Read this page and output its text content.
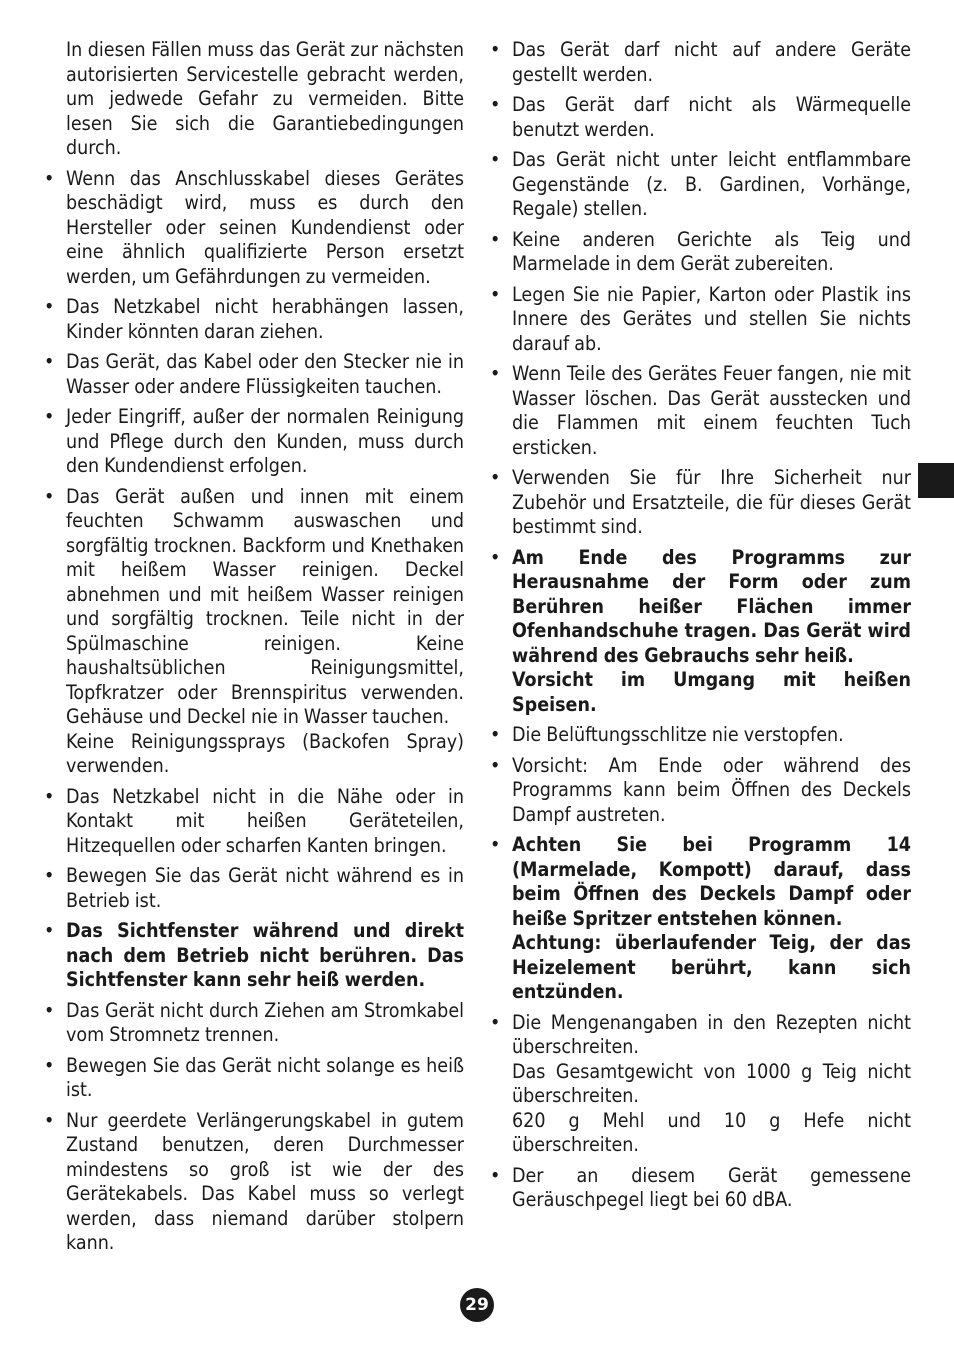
In diesen Fällen muss das Gerät zur nächsten autorisierten Servicestelle gebracht werden, um jedwede Gefahr zu vermeiden. Bitte lesen Sie sich die Garantiebedingungen durch.
• Wenn das Anschlusskabel dieses Gerätes beschädigt wird, muss es durch den Hersteller oder seinen Kundendienst oder eine ähnlich qualifizierte Person ersetzt werden, um Gefährdungen zu vermeiden.
• Das Netzkabel nicht herabhängen lassen, Kinder könnten daran ziehen.
• Das Gerät, das Kabel oder den Stecker nie in Wasser oder andere Flüssigkeiten tauchen.
• Jeder Eingriff, außer der normalen Reinigung und Pflege durch den Kunden, muss durch den Kundendienst erfolgen.
• Das Gerät außen und innen mit einem feuchten Schwamm auswaschen und sorgfältig trocknen. Backform und Knethaken mit heißem Wasser reinigen. Deckel abnehmen und mit heißem Wasser reinigen und sorgfältig trocknen. Teile nicht in der Spülmaschine reinigen. Keine haushaltsüblichen Reinigungsmittel, Topfkratzer oder Brennspiritus verwenden. Gehäuse und Deckel nie in Wasser tauchen.
Keine Reinigungssprays (Backofen Spray) verwenden.
• Das Netzkabel nicht in die Nähe oder in Kontakt mit heißen Geräteteilen, Hitzequellen oder scharfen Kanten bringen.
• Bewegen Sie das Gerät nicht während es in Betrieb ist.
• Das Sichtfenster während und direkt nach dem Betrieb nicht berühren. Das Sichtfenster kann sehr heiß werden.
• Das Gerät nicht durch Ziehen am Stromkabel vom Stromnetz trennen.
• Bewegen Sie das Gerät nicht solange es heiß ist.
• Nur geerdete Verlängerungskabel in gutem Zustand benutzen, deren Durchmesser mindestens so groß ist wie der des Gerätekabels. Das Kabel muss so verlegt werden, dass niemand darüber stolpern kann.
• Das Gerät darf nicht auf andere Geräte gestellt werden.
• Das Gerät darf nicht als Wärmequelle benutzt werden.
• Das Gerät nicht unter leicht entflammbare Gegenstände (z. B. Gardinen, Vorhänge, Regale) stellen.
• Keine anderen Gerichte als Teig und Marmelade in dem Gerät zubereiten.
• Legen Sie nie Papier, Karton oder Plastik ins Innere des Gerätes und stellen Sie nichts darauf ab.
• Wenn Teile des Gerätes Feuer fangen, nie mit Wasser löschen. Das Gerät ausstecken und die Flammen mit einem feuchten Tuch ersticken.
• Verwenden Sie für Ihre Sicherheit nur Zubehör und Ersatzteile, die für dieses Gerät bestimmt sind.
• Am Ende des Programms zur Herausnahme der Form oder zum Berühren heißer Flächen immer Ofenhandschuhe tragen. Das Gerät wird während des Gebrauchs sehr heiß.
Vorsicht im Umgang mit heißen Speisen.
• Die Belüftungsschlitze nie verstopfen.
• Vorsicht: Am Ende oder während des Programms kann beim Öffnen des Deckels Dampf austreten.
• Achten Sie bei Programm 14 (Marmelade, Kompott) darauf, dass beim Öffnen des Deckels Dampf oder heiße Spritzer entstehen können.
Achtung: überlaufender Teig, der das Heizelement berührt, kann sich entzünden.
• Die Mengenangaben in den Rezepten nicht überschreiten.
Das Gesamtgewicht von 1000 g Teig nicht überschreiten.
620 g Mehl und 10 g Hefe nicht überschreiten.
• Der an diesem Gerät gemessene Geräuschpegel liegt bei 60 dBA.
29
